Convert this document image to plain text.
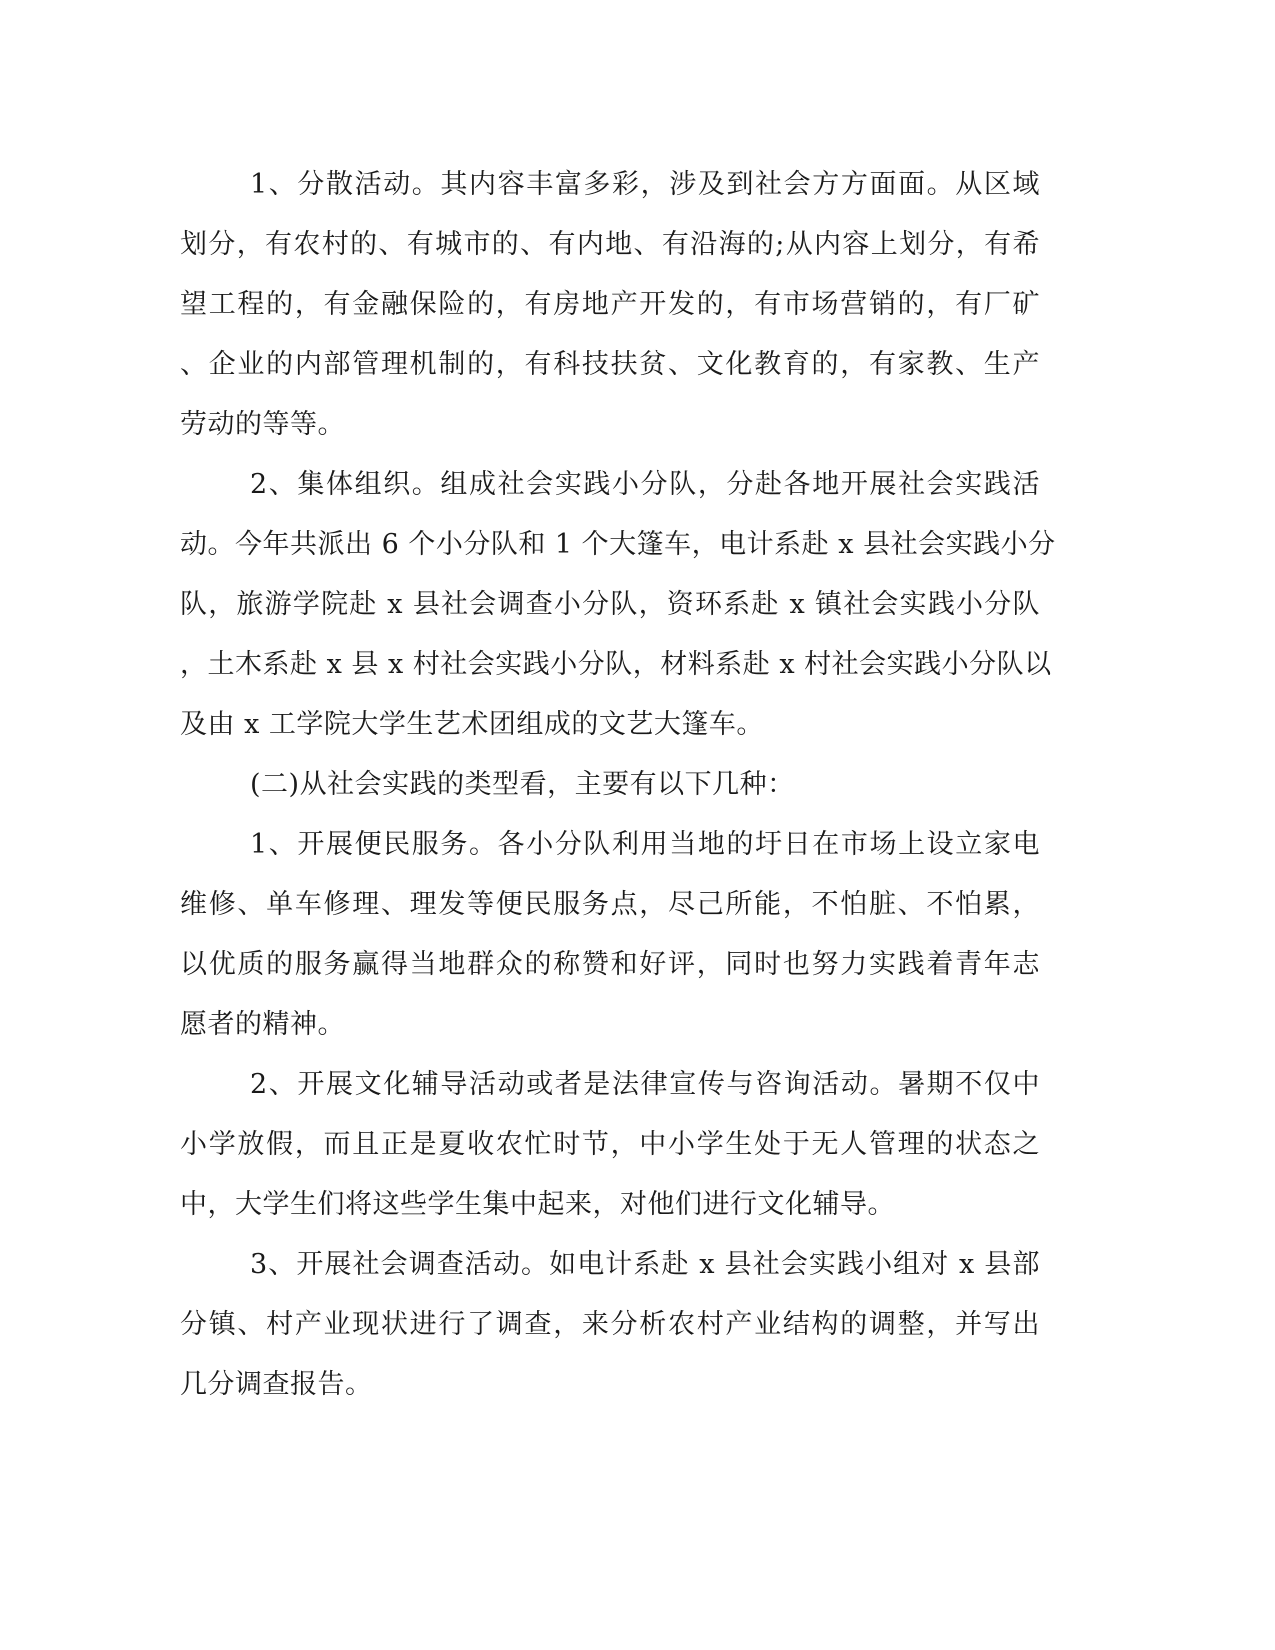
1、分散活动。其内容丰富多彩，涉及到社会方方面面。从区域
划分，有农村的、有城市的、有内地、有沿海的;从内容上划分，有希
望工程的，有金融保险的，有房地产开发的，有市场营销的，有厂矿
、企业的内部管理机制的，有科技扶贫、文化教育的，有家教、生产
劳动的等等。
2、集体组织。组成社会实践小分队，分赴各地开展社会实践活
动。今年共派出 6 个小分队和 1 个大篷车，电计系赴 x 县社会实践小分
队，旅游学院赴 x 县社会调查小分队，资环系赴 x 镇社会实践小分队
，土木系赴 x 县 x 村社会实践小分队，材料系赴 x 村社会实践小分队以
及由 x 工学院大学生艺术团组成的文艺大篷车。
(二)从社会实践的类型看，主要有以下几种：
1、开展便民服务。各小分队利用当地的圩日在市场上设立家电
维修、单车修理、理发等便民服务点，尽己所能，不怕脏、不怕累，
以优质的服务赢得当地群众的称赞和好评，同时也努力实践着青年志
愿者的精神。
2、开展文化辅导活动或者是法律宣传与咨询活动。暑期不仅中
小学放假，而且正是夏收农忙时节，中小学生处于无人管理的状态之
中，大学生们将这些学生集中起来，对他们进行文化辅导。
3、开展社会调查活动。如电计系赴 x 县社会实践小组对 x 县部
分镇、村产业现状进行了调查，来分析农村产业结构的调整，并写出
几分调查报告。
